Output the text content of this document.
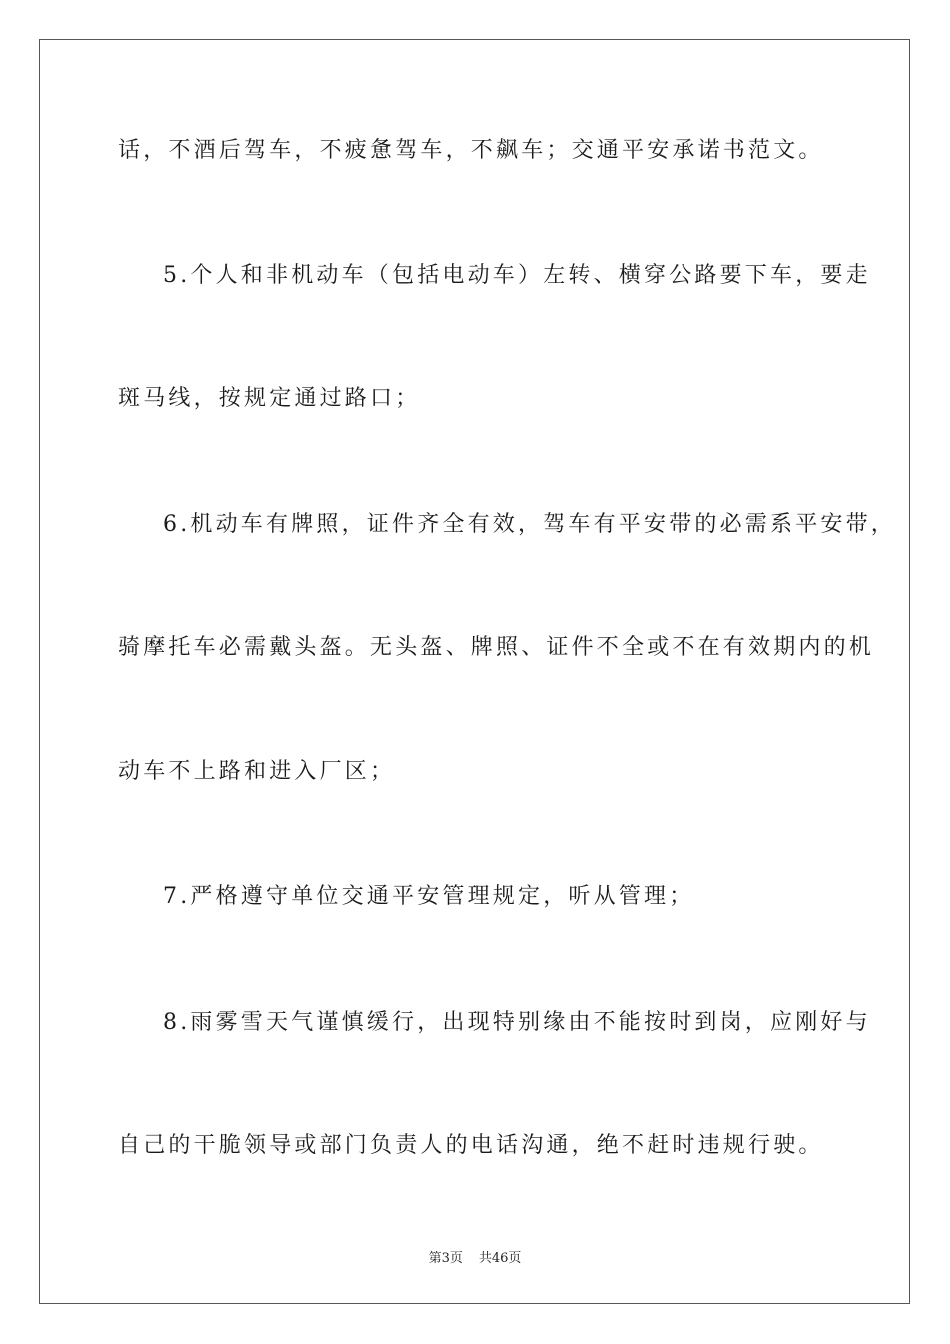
话，不酒后驾车，不疲惫驾车，不飙车；交通平安承诺书范文。
5.个人和非机动车（包括电动车）左转、横穿公路要下车，要走
斑马线，按规定通过路口；
6.机动车有牌照，证件齐全有效，驾车有平安带的必需系平安带，
骑摩托车必需戴头盔。无头盔、牌照、证件不全或不在有效期内的机
动车不上路和进入厂区；
7.严格遵守单位交通平安管理规定，听从管理；
8.雨雾雪天气谨慎缓行，出现特别缘由不能按时到岗，应刚好与
自己的干脆领导或部门负责人的电话沟通，绝不赶时违规行驶。
第3页 共46页
